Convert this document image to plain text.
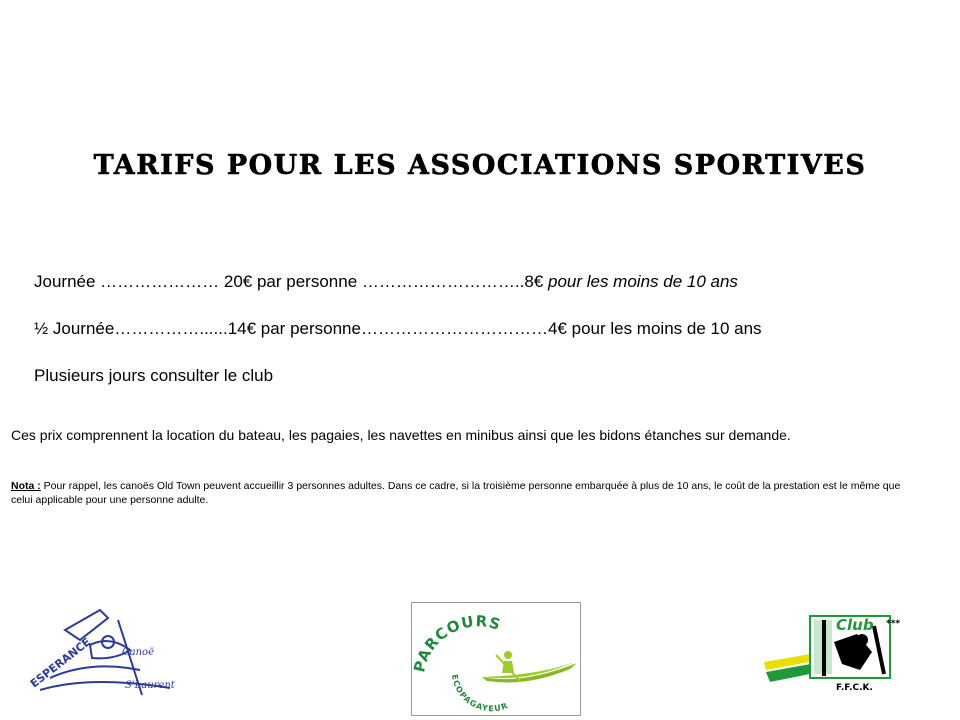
TARIFS POUR LES ASSOCIATIONS SPORTIVES
Journée ………………… 20€ par personne ………………………..8€ pour les moins de 10 ans
½ Journée……………......14€ par personne……………………………4€ pour les moins de 10 ans
Plusieurs jours consulter le club
Ces prix comprennent la location du bateau, les pagaies, les navettes en minibus ainsi que les bidons étanches sur demande.
Nota : Pour rappel, les canoës Old Town peuvent accueillir 3 personnes adultes. Dans ce cadre, si la troisième personne embarquée à plus de 10 ans, le coût de la prestation est le même que celui applicable pour une personne adulte.
ESPERANCE	Canoë
S'Laurent
PARCOURS
ECOPAGAYEUR
Club ***
F.F.C.K.
